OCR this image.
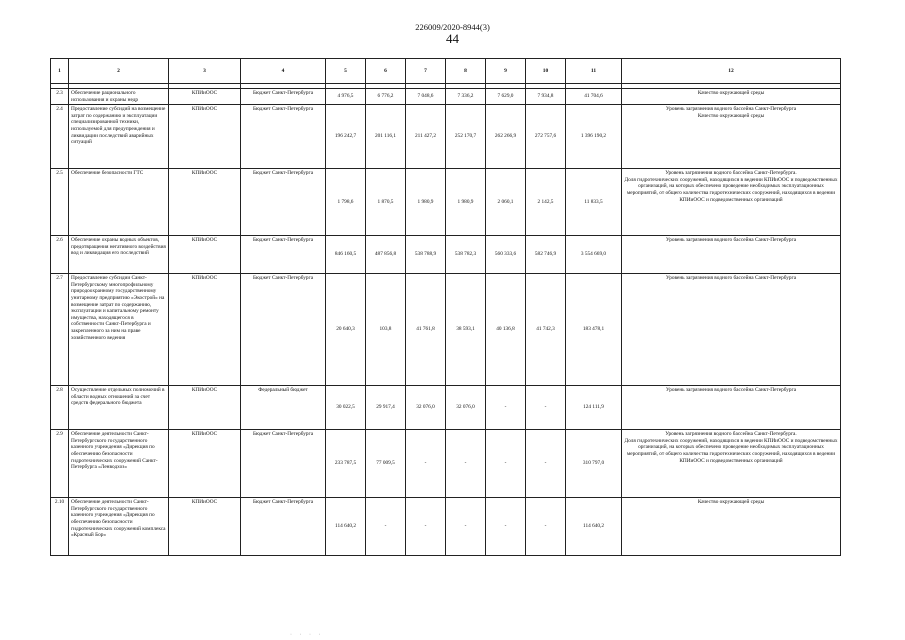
226009/2020-8944(3)
44
1	2	3	4	5	6	7	8	9	10	11	12

2.3	Обеспечение рационального использования и охраны недр	КПИиООС	Бюджет Санкт-Петербурга	4 976,5	6 776,2	7 048,6	7 336,2	7 629,0	7 934,8	41 704,6	Качество окружающей среды
2.4	Предоставление субсидий на возмещение затрат по содержанию и эксплуатации специализированной техники, используемой для предупреждения и ликвидации последствий аварийных ситуаций	КПИиООС	Бюджет Санкт-Петербурга	196 242,7	201 116,1	211 427,2	252 170,7	262 266,9	272 757,6	1 396 190,2	Уровень загрязнения водного бассейна Санкт-Петербурга
Качество окружающей среды
2.5	Обеспечение безопасности ГТС	КПИиООС	Бюджет Санкт-Петербурга	1 798,6	1 870,5	1 980,9	1 980,9	2 060,1	2 142,5	11 833,5	Уровень загрязнения водного бассейна Санкт-Петербурга.
Доля гидротехнических сооружений, находящихся в ведении КПИиООС и подведомственных организаций, на которых обеспечено проведение необходимых эксплуатационных мероприятий, от общего количества гидротехнических сооружений, находящихся в ведении КПИиООС и подведомственных организаций
2.6	Обеспечение охраны водных объектов, предотвращения негативного воздействия вод и ликвидация его последствий	КПИиООС	Бюджет Санкт-Петербурга	846 160,5	487 856,8	538 788,9	538 782,3	560 333,6	582 746,9	3 554 669,0	Уровень загрязнения водного бассейна Санкт-Петербурга
2.7	Предоставление субсидии Санкт-Петербургскому многопрофильному природоохранному государственному унитарному предприятию «Экострой» на возмещение затрат по содержанию, эксплуатации и капитальному ремонту имущества, находящегося в собственности Санкт-Петербурга и закрепленного за ним на праве хозяйственного ведения	КПИиООС	Бюджет Санкт-Петербурга	20 640,3	103,8	41 761,8	38 593,1	40 136,8	41 742,3	183 478,1	Уровень загрязнения водного бассейна Санкт-Петербурга
2.8	Осуществление отдельных полномочий в области водных отношений за счет средств федерального бюджета	КПИиООС	Федеральный бюджет	30 022,5	29 917,4	32 076,0	32 076,0	-	-	124 111,9	Уровень загрязнения водного бассейна Санкт-Петербурга
2.9	Обеспечение деятельности Санкт-Петербургского государственного казенного учреждения «Дирекция по обеспечению безопасности гидротехнических сооружений Санкт-Петербурга «Ленводхоз»	КПИиООС	Бюджет Санкт-Петербурга	233 787,5	77 009,5	-	-	-	-	310 797,0	Уровень загрязнения водного бассейна Санкт-Петербурга.
Доля гидротехнических сооружений, находящихся в ведении КПИиООС и подведомственных организаций, на которых обеспечено проведение необходимых эксплуатационных мероприятий, от общего количества гидротехнических сооружений, находящихся в ведении КПИиООС и подведомственных организаций
2.10	Обеспечение деятельности Санкт-Петербургского государственного казенного учреждения «Дирекция по обеспечению безопасности гидротехнических сооружений комплекса «Красный Бор»	КПИиООС	Бюджет Санкт-Петербурга	114 640,2	-	-	-	-	-	114 640,2	Качество окружающей среды
· · · ·
